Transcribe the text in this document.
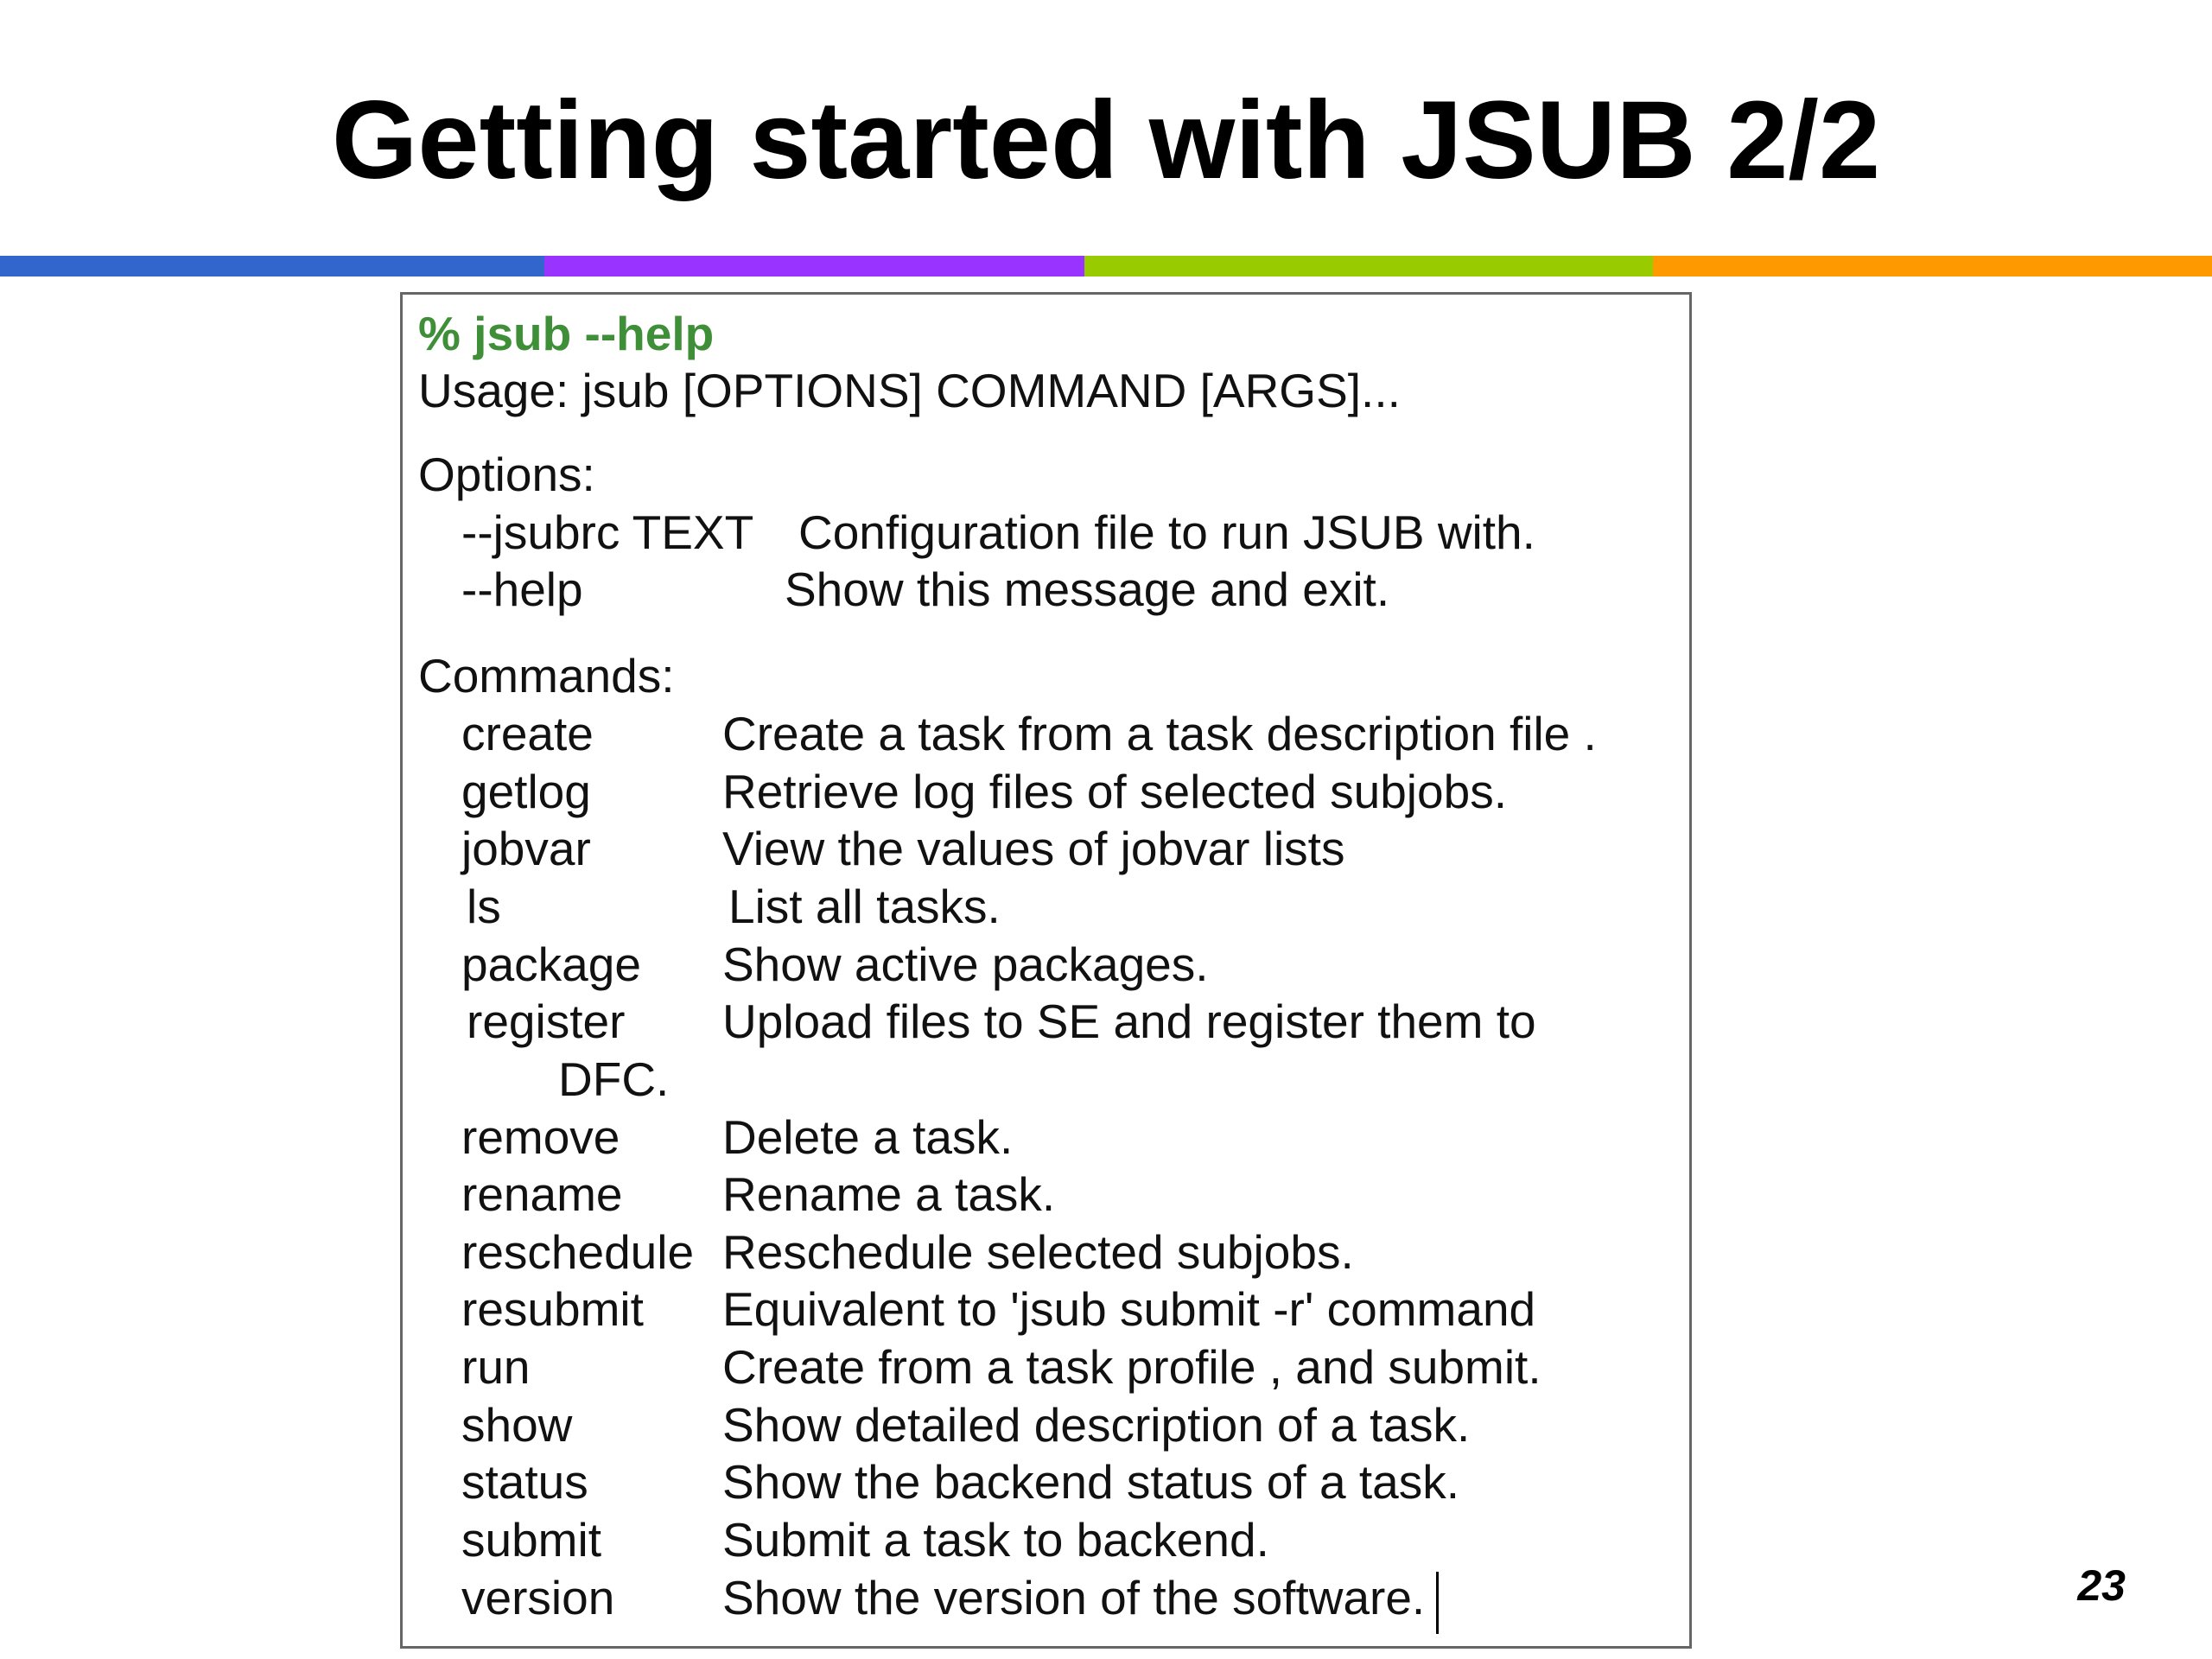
Getting started with JSUB 2/2
% jsub --help
Usage: jsub [OPTIONS] COMMAND [ARGS]...
Options:
--jsubrc TEXT Configuration file to run JSUB with.
--help	Show this message and exit.
Commands:
create	Create a task from a task description file .
getlog	Retrieve log files of selected subjobs.
jobvar	View the values of jobvar lists
ls	List all tasks.
package Show active packages.
register Upload files to SE and register them to
DFC.
remove Delete a task.
rename Rename a task.
reschedule Reschedule selected subjobs.
resubmit Equivalent to 'jsub submit -r' command
run	Create from a task profile , and submit.
show	Show detailed description of a task.
status	Show the backend status of a task.
submit	Submit a task to backend.
version Show the version of the software.	23
